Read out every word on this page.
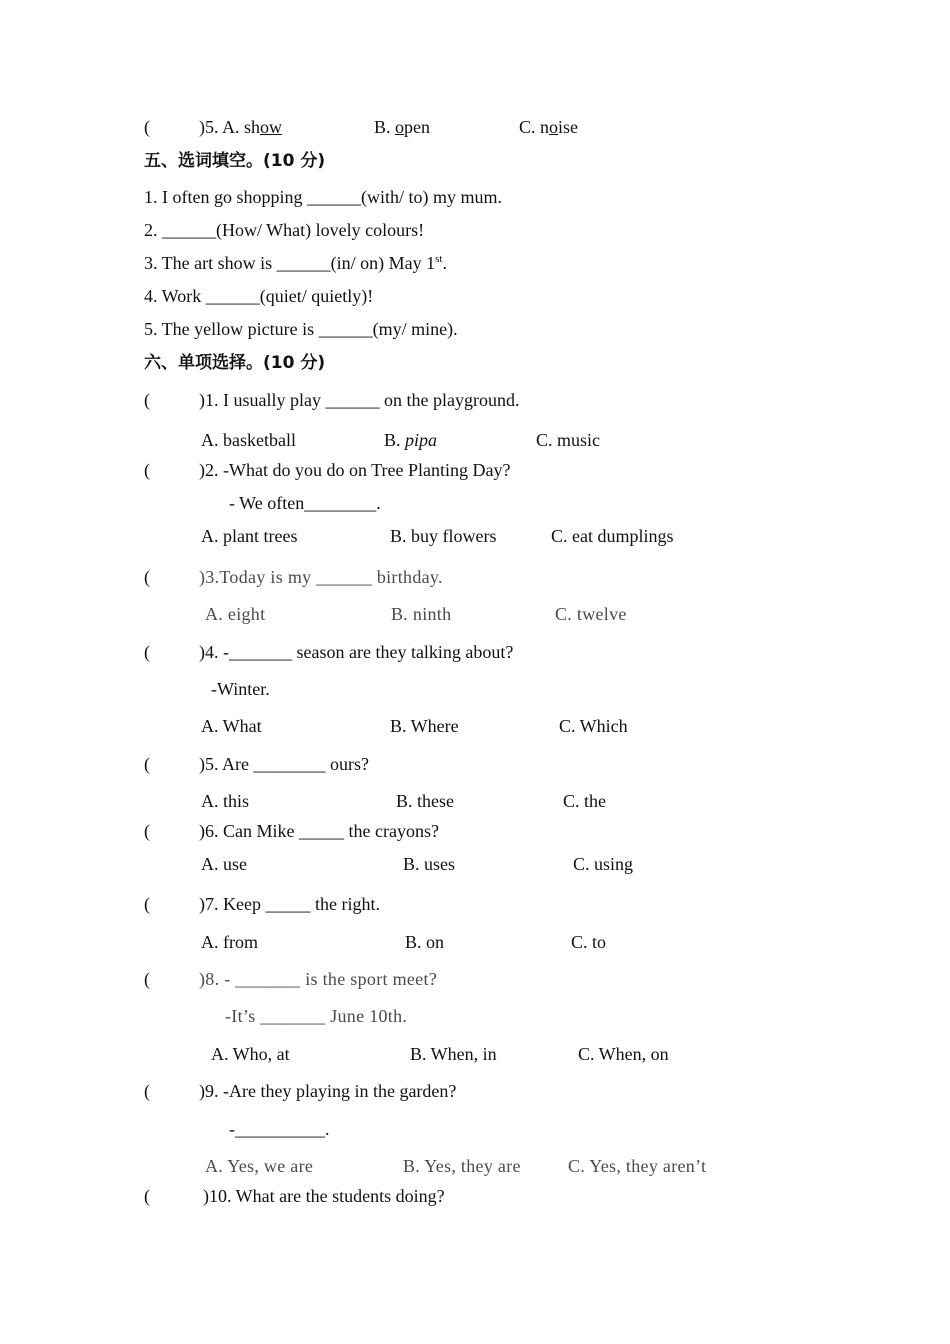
(	)5. A. show	B. open	C. noise
五、选词填空。(10 分)
1. I often go shopping ______(with/ to) my mum.
2. ______(How/ What) lovely colours!
3. The art show is ______(in/ on) May 1st.
4. Work ______(quiet/ quietly)!
5. The yellow picture is ______(my/ mine).
六、单项选择。(10 分)
(	)1. I usually play ______ on the playground.
A. basketball	B. pipa	C. music
(	)2. -What do you do on Tree Planting Day?
- We often________.
A. plant trees	B. buy flowers	C. eat dumplings
(	)3.Today is my ______ birthday.
A. eight	B. ninth	C. twelve
(	)4. -_______ season are they talking about?
-Winter.
A. What	B. Where	C. Which
(	)5. Are ________ ours?
A. this	B. these	C. the
(	)6. Can Mike _____ the crayons?
A. use	B. uses	C. using
(	)7. Keep _____ the right.
A. from	B. on	C. to
(	)8. - _______ is the sport meet?
-It’s _______ June 10th.
A. Who, at	B. When, in	C. When, on
(	)9. -Are they playing in the garden?
-__________.
A. Yes, we are	B. Yes, they are	C. Yes, they aren’t
(	)10. What are the students doing?
